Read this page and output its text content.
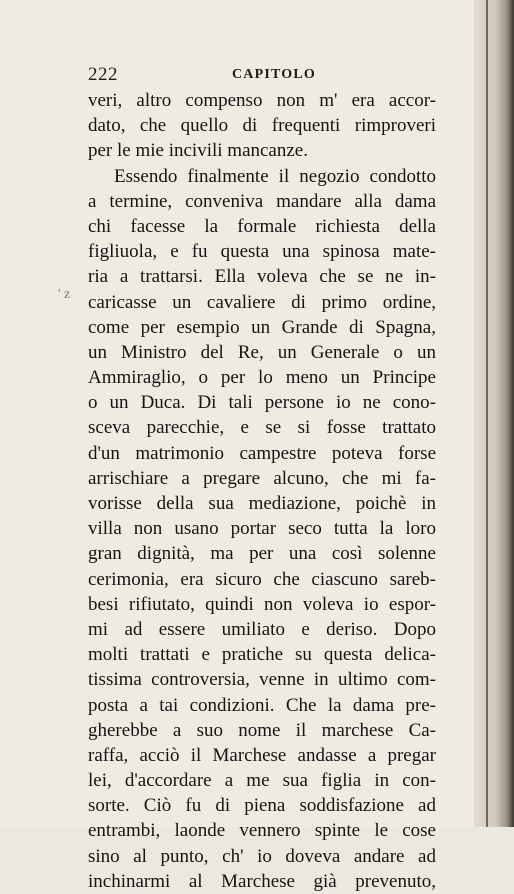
222	CAPITOLO
' z
veri, altro compenso non m' era accor-
dato, che quello di frequenti rimproveri
per le mie incivili mancanze.
Essendo finalmente il negozio condotto
a termine, conveniva mandare alla dama
chi facesse la formale richiesta della
figliuola, e fu questa una spinosa mate-
ria a trattarsi. Ella voleva che se ne in-
caricasse un cavaliere di primo ordine,
come per esempio un Grande di Spagna,
un Ministro del Re, un Generale o un
Ammiraglio, o per lo meno un Principe
o un Duca. Di tali persone io ne cono-
sceva parecchie, e se si fosse trattato
d'un matrimonio campestre poteva forse
arrischiare a pregare alcuno, che mi fa-
vorisse della sua mediazione, poichè in
villa non usano portar seco tutta la loro
gran dignità, ma per una così solenne
cerimonia, era sicuro che ciascuno sareb-
besi rifiutato, quindi non voleva io espor-
mi ad essere umiliato e deriso. Dopo
molti trattati e pratiche su questa delica-
tissima controversia, venne in ultimo com-
posta a tai condizioni. Che la dama pre-
gherebbe a suo nome il marchese Ca-
raffa, acciò il Marchese andasse a pregar
lei, d'accordare a me sua figlia in con-
sorte. Ciò fu di piena soddisfazione ad
entrambi, laonde vennero spinte le cose
sino al punto, ch' io doveva andare ad
inchinarmi al Marchese già prevenuto,
